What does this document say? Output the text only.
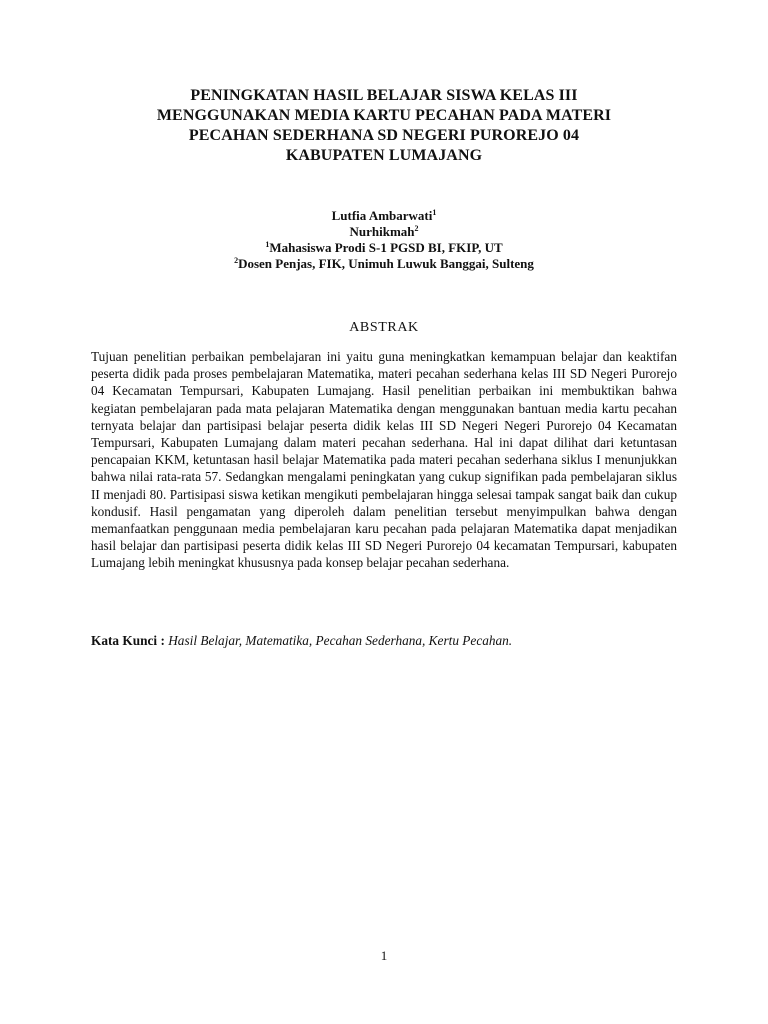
PENINGKATAN HASIL BELAJAR SISWA KELAS III
MENGGUNAKAN MEDIA KARTU PECAHAN PADA MATERI
PECAHAN SEDERHANA SD NEGERI PUROREJO 04
KABUPATEN LUMAJANG
Lutfia Ambarwati$^1$
Nurhikmah$^2$
$^1$Mahasiswa Prodi S-1 PGSD BI, FKIP, UT
$^2$Dosen Penjas, FIK, Unimuh Luwuk Banggai, Sulteng
ABSTRAK
Tujuan penelitian perbaikan pembelajaran ini yaitu guna meningkatkan kemampuan belajar dan keaktifan peserta didik pada proses pembelajaran Matematika, materi pecahan sederhana kelas III SD Negeri Purorejo 04 Kecamatan Tempursari, Kabupaten Lumajang. Hasil penelitian perbaikan ini membuktikan bahwa kegiatan pembelajaran pada mata pelajaran Matematika dengan menggunakan bantuan media kartu pecahan ternyata belajar dan partisipasi belajar peserta didik kelas III SD Negeri Negeri Purorejo 04 Kecamatan Tempursari, Kabupaten Lumajang dalam materi pecahan sederhana. Hal ini dapat dilihat dari ketuntasan pencapaian KKM, ketuntasan hasil belajar Matematika pada materi pecahan sederhana siklus I menunjukkan bahwa nilai rata-rata 57. Sedangkan mengalami peningkatan yang cukup signifikan pada pembelajaran siklus II menjadi 80. Partisipasi siswa ketikan mengikuti pembelajaran hingga selesai tampak sangat baik dan cukup kondusif. Hasil pengamatan yang diperoleh dalam penelitian tersebut menyimpulkan bahwa dengan memanfaatkan penggunaan media pembelajaran karu pecahan pada pelajaran Matematika dapat menjadikan hasil belajar dan partisipasi peserta didik kelas III SD Negeri Purorejo 04 kecamatan Tempursari, kabupaten Lumajang lebih meningkat khususnya pada konsep belajar pecahan sederhana.
Kata Kunci : Hasil Belajar, Matematika, Pecahan Sederhana, Kertu Pecahan.
1
